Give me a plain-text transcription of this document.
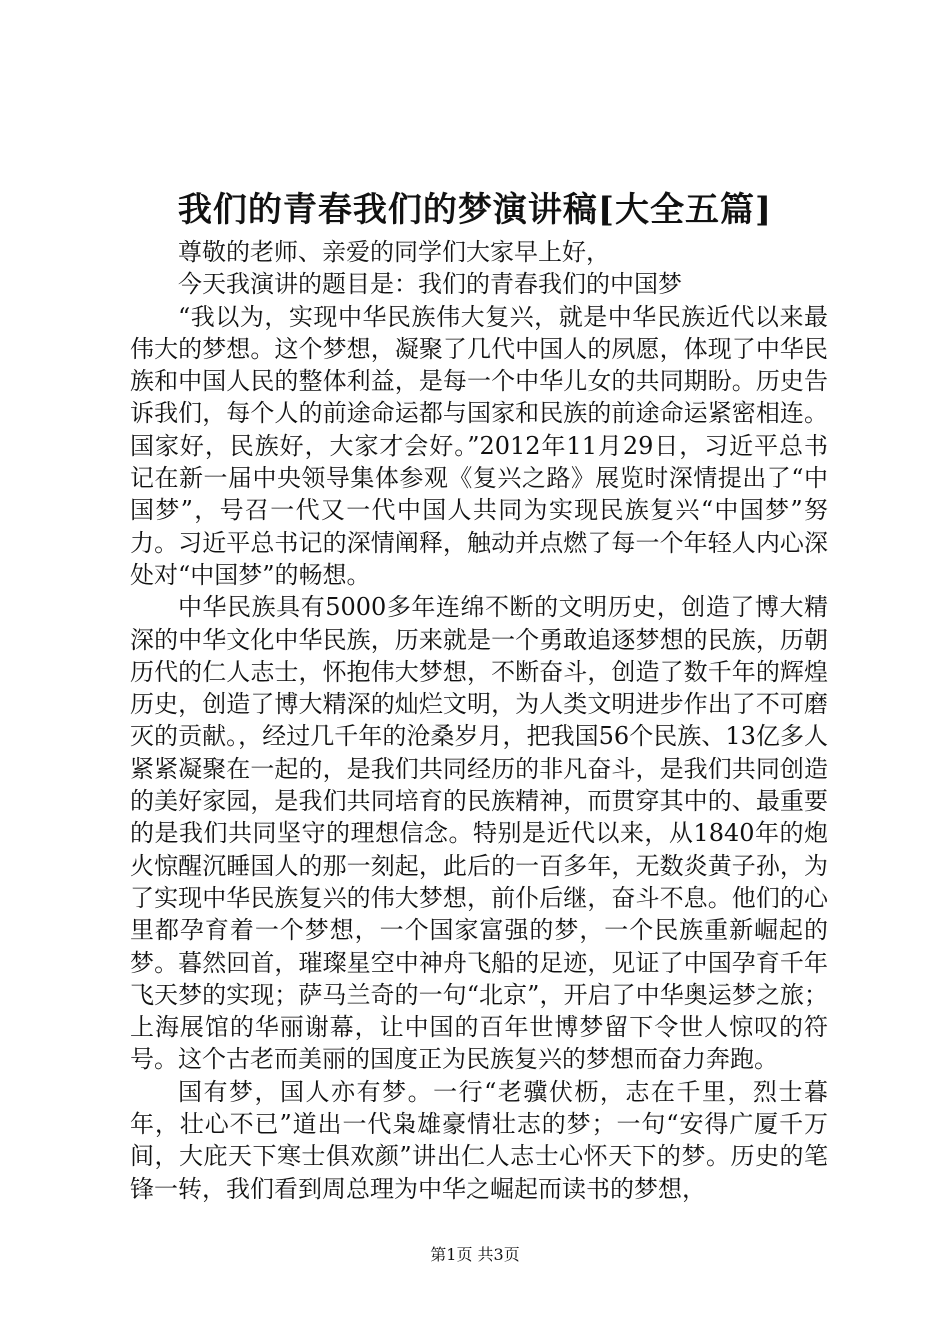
我们的青春我们的梦演讲稿[大全五篇]

尊敬的老师、亲爱的同学们大家早上好，

今天我演讲的题目是：我们的青春我们的中国梦

“我以为，实现中华民族伟大复兴，就是中华民族近代以来最伟大的梦想。这个梦想，凝聚了几代中国人的夙愿，体现了中华民族和中国人民的整体利益，是每一个中华儿女的共同期盼。历史告诉我们，每个人的前途命运都与国家和民族的前途命运紧密相连。国家好，民族好，大家才会好。”2012年11月29日，习近平总书记在新一届中央领导集体参观《复兴之路》展览时深情提出了“中国梦”，号召一代又一代中国人共同为实现民族复兴“中国梦”努力。习近平总书记的深情阐释，触动并点燃了每一个年轻人内心深处对“中国梦”的畅想。

中华民族具有5000多年连绵不断的文明历史，创造了博大精深的中华文化中华民族，历来就是一个勇敢追逐梦想的民族，历朝历代的仁人志士，怀抱伟大梦想，不断奋斗，创造了数千年的辉煌历史，创造了博大精深的灿烂文明，为人类文明进步作出了不可磨灭的贡献。，经过几千年的沧桑岁月，把我国56个民族、13亿多人紧紧凝聚在一起的，是我们共同经历的非凡奋斗，是我们共同创造的美好家园，是我们共同培育的民族精神，而贯穿其中的、最重要的是我们共同坚守的理想信念。特别是近代以来，从1840年的炮火惊醒沉睡国人的那一刻起，此后的一百多年，无数炎黄子孙，为了实现中华民族复兴的伟大梦想，前仆后继，奋斗不息。他们的心里都孕育着一个梦想，一个国家富强的梦，一个民族重新崛起的梦。暮然回首，璀璨星空中神舟飞船的足迹，见证了中国孕育千年飞天梦的实现；萨马兰奇的一句“北京”，开启了中华奥运梦之旅；上海展馆的华丽谢幕，让中国的百年世博梦留下令世人惊叹的符号。这个古老而美丽的国度正为民族复兴的梦想而奋力奔跑。

国有梦，国人亦有梦。一行“老骥伏枥，志在千里，烈士暮年，壮心不已”道出一代枭雄豪情壮志的梦；一句“安得广厦千万间，大庇天下寒士俱欢颜”讲出仁人志士心怀天下的梦。历史的笔锋一转，我们看到周总理为中华之崛起而读书的梦想，

第1页 共3页
